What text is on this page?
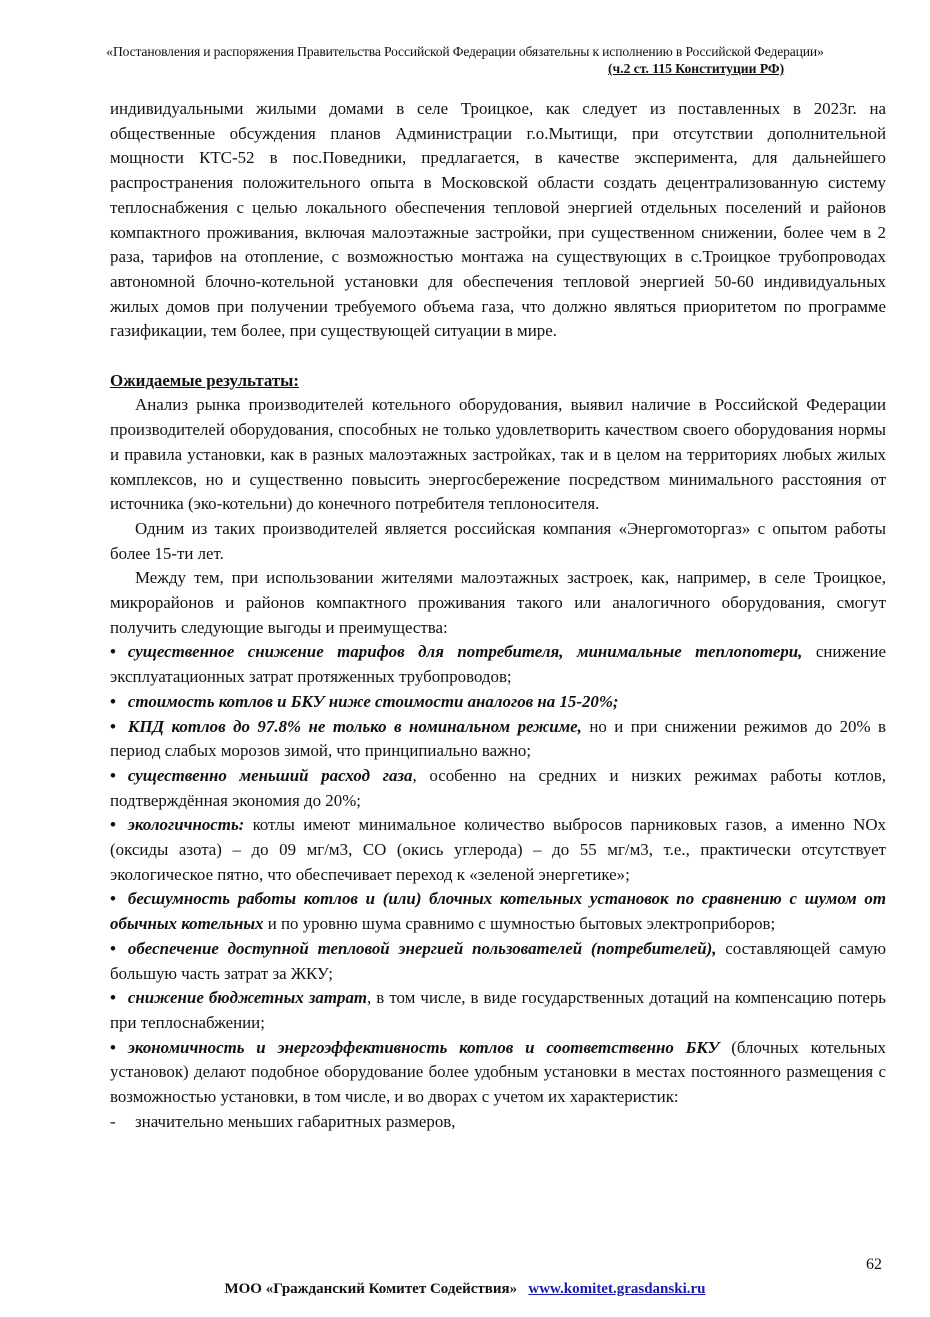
«Постановления и распоряжения Правительства Российской Федерации обязательны к исполнению в Российской Федерации»
(ч.2 ст. 115 Конституции РФ)

индивидуальными жилыми домами в селе Троицкое, как следует из поставленных в 2023г. на общественные обсуждения планов Администрации г.о.Мытищи, при отсутствии дополнительной мощности КТС-52 в пос.Поведники, предлагается, в качестве эксперимента, для дальнейшего распространения положительного опыта в Московской области создать децентрализованную систему теплоснабжения с целью локального обеспечения тепловой энергией отдельных поселений и районов компактного проживания, включая малоэтажные застройки, при существенном снижении, более чем в 2 раза, тарифов на отопление, с возможностью монтажа на существующих в с.Троицкое трубопроводах автономной блочно-котельной установки для обеспечения тепловой энергией 50-60 индивидуальных жилых домов при получении требуемого объема газа, что должно являться приоритетом по программе газификации, тем более, при существующей ситуации в мире.

Ожидаемые результаты:

Анализ рынка производителей котельного оборудования, выявил наличие в Российской Федерации производителей оборудования, способных не только удовлетворить качеством своего оборудования нормы и правила установки, как в разных малоэтажных застройках, так и в целом на территориях любых жилых комплексов, но и существенно повысить энергосбережение посредством минимального расстояния от источника (эко-котельни) до конечного потребителя теплоносителя.

Одним из таких производителей является российская компания «Энергомоторгаз» с опытом работы более 15-ти лет.

Между тем, при использовании жителями малоэтажных застроек, как, например, в селе Троицкое, микрорайонов и районов компактного проживания такого или аналогичного оборудования, смогут получить следующие выгоды и преимущества:

• существенное снижение тарифов для потребителя, минимальные теплопотери, снижение эксплуатационных затрат протяженных трубопроводов;

• стоимость котлов и БКУ ниже стоимости аналогов на 15-20%;

• КПД котлов до 97.8% не только в номинальном режиме, но и при снижении режимов до 20% в период слабых морозов зимой, что принципиально важно;

• существенно меньший расход газа, особенно на средних и низких режимах работы котлов, подтверждённая экономия до 20%;

• экологичность: котлы имеют минимальное количество выбросов парниковых газов, а именно NOx (оксиды азота) – до 09 мг/м3, СО (окись углерода) – до 55 мг/м3, т.е., практически отсутствует экологическое пятно, что обеспечивает переход к «зеленой энергетике»;

• бесшумность работы котлов и (или) блочных котельных установок по сравнению с шумом от обычных котельных и по уровню шума сравнимо с шумностью бытовых электроприборов;

• обеспечение доступной тепловой энергией пользователей (потребителей), составляющей самую большую часть затрат за ЖКУ;

• снижение бюджетных затрат, в том числе, в виде государственных дотаций на компенсацию потерь при теплоснабжении;

• экономичность и энергоэффективность котлов и соответственно БКУ (блочных котельных установок) делают подобное оборудование более удобным установки в местах постоянного размещения с возможностью установки, в том числе, и во дворах с учетом их характеристик:

- значительно меньших габаритных размеров,

62
МОО «Гражданский Комитет Содействия» www.komitet.grasdanski.ru
